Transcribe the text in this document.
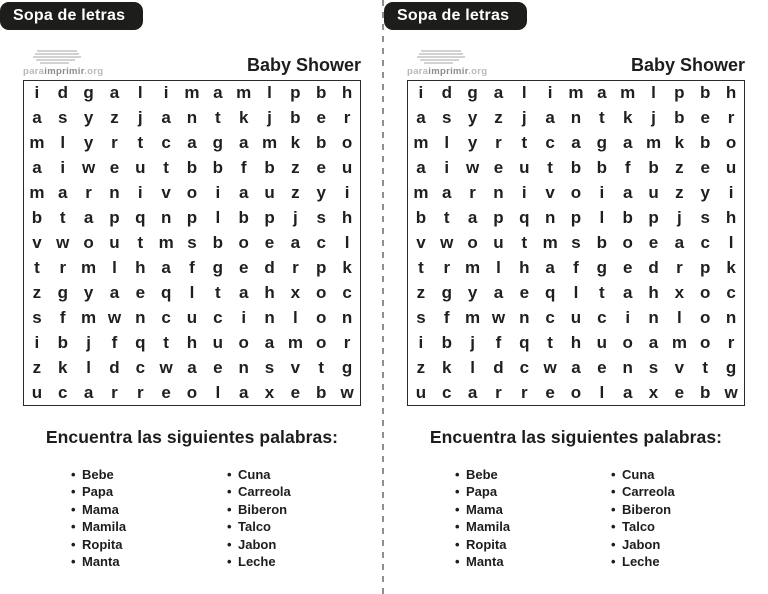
Sopa de letras
paraimprimir.org	Baby Shower
i	d g a	l	i m a m l	p b h
a s y z	j	a n	t	k	j	b e	r
m l	y	r	t	c a g a m k b o
a	i w e u	t	b b	f	b z e u
m a	r	n	i	v o	i	a u z y	i
b	t	a p q n p	l	b p	j	s h
v w o u	t m s b o e a c	l
t	r m l	h a	f	g e d	r	p k
z g y a e q	l	t	a h x o c
s	f m w n c u c	i	n	l	o n
i	b	j	f	q	t	h u o a m o	r
z k	l	d c w a e n s v	t	g
u c a	r	r	e o	l	a x e b w
Encuentra las siguientes palabras:
• Bebe
• Papa
• Mama
• Mamila
• Ropita
• Manta
• Cuna
• Carreola
• Biberon
• Talco
• Jabon
• Leche
Sopa de letras
paraimprimir.org	Baby Shower
i	d g a	l	i m a m l	p b h
a s y z	j	a n	t	k	j	b e	r
m l	y	r	t	c a g a m k b o
a	i w e u	t	b b	f	b z e u
m a	r	n	i	v o	i	a u z y	i
b	t	a p q n p	l	b p	j	s h
v w o u	t m s b o e a c	l
t	r m l	h a	f	g e d	r	p k
z g y a e q	l	t	a h x o c
s	f m w n c u c	i	n	l	o n
i	b	j	f	q	t	h u o a m o	r
z k	l	d c w a e n s v	t	g
u c a	r	r	e o	l	a x e b w
Encuentra las siguientes palabras:
• Bebe
• Papa
• Mama
• Mamila
• Ropita
• Manta
• Cuna
• Carreola
• Biberon
• Talco
• Jabon
• Leche
